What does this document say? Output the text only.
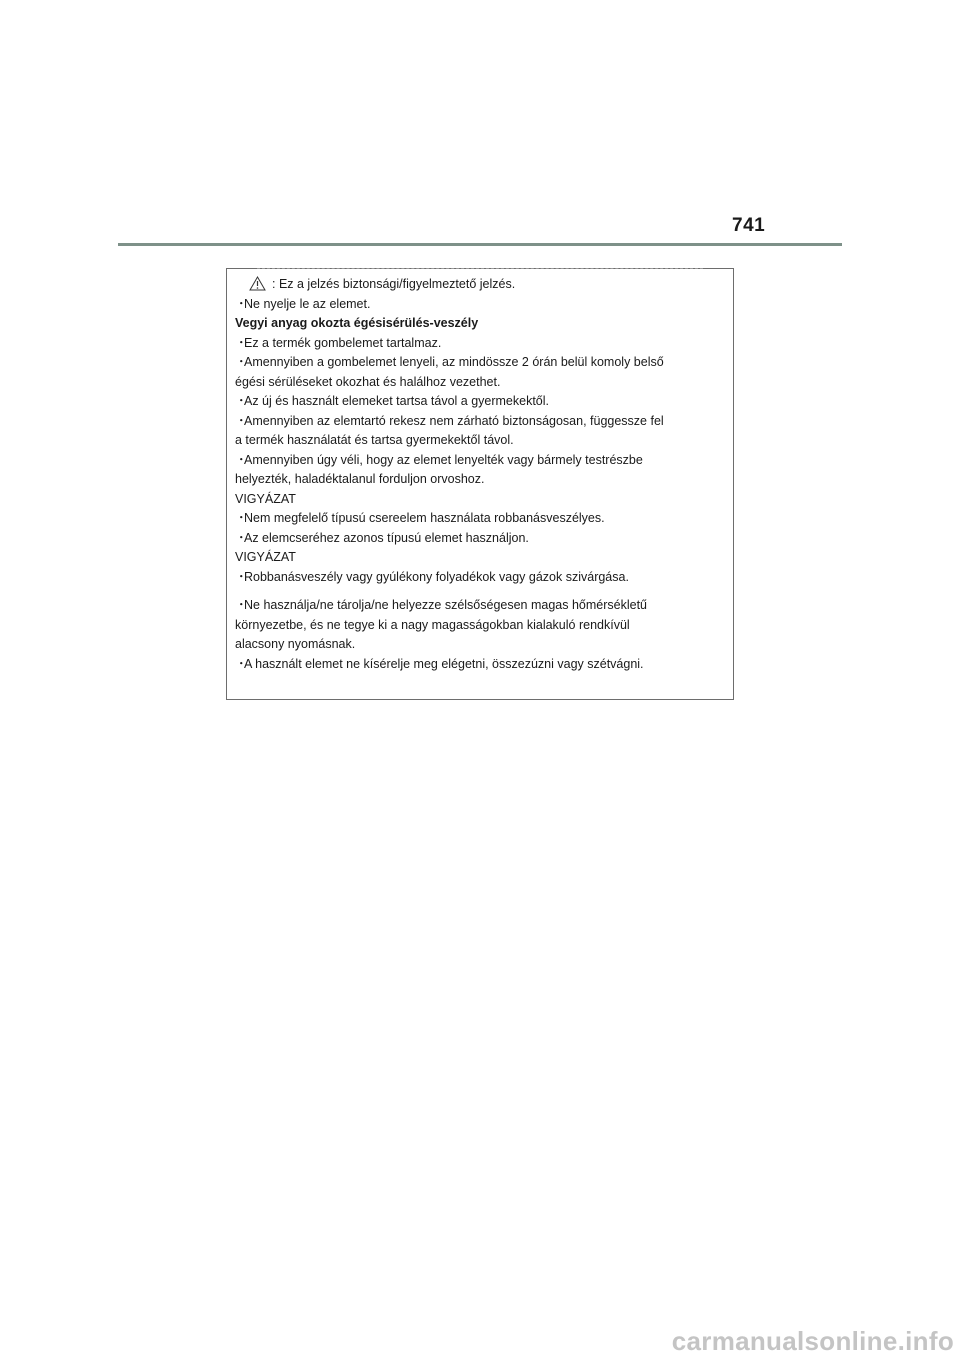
741
: Ez a jelzés biztonsági/figyelmeztető jelzés.
・Ne nyelje le az elemet.
Vegyi anyag okozta égésisérülés-veszély
・Ez a termék gombelemet tartalmaz.
・Amennyiben a gombelemet lenyeli, az mindössze 2 órán belül komoly belső
égési sérüléseket okozhat és halálhoz vezethet.
・Az új és használt elemeket tartsa távol a gyermekektől.
・Amennyiben az elemtartó rekesz nem zárható biztonságosan, függessze fel
a termék használatát és tartsa gyermekektől távol.
・Amennyiben úgy véli, hogy az elemet lenyelték vagy bármely testrészbe
helyezték, haladéktalanul forduljon orvoshoz.
VIGYÁZAT
・Nem megfelelő típusú csereelem használata robbanásveszélyes.
・Az elemcseréhez azonos típusú elemet használjon.
VIGYÁZAT
・Robbanásveszély vagy gyúlékony folyadékok vagy gázok szivárgása.
・Ne használja/ne tárolja/ne helyezze szélsőségesen magas hőmérsékletű
környezetbe, és ne tegye ki a nagy magasságokban kialakuló rendkívül
alacsony nyomásnak.
・A használt elemet ne kísérelje meg elégetni, összezúzni vagy szétvágni.
carmanualsonline.info
